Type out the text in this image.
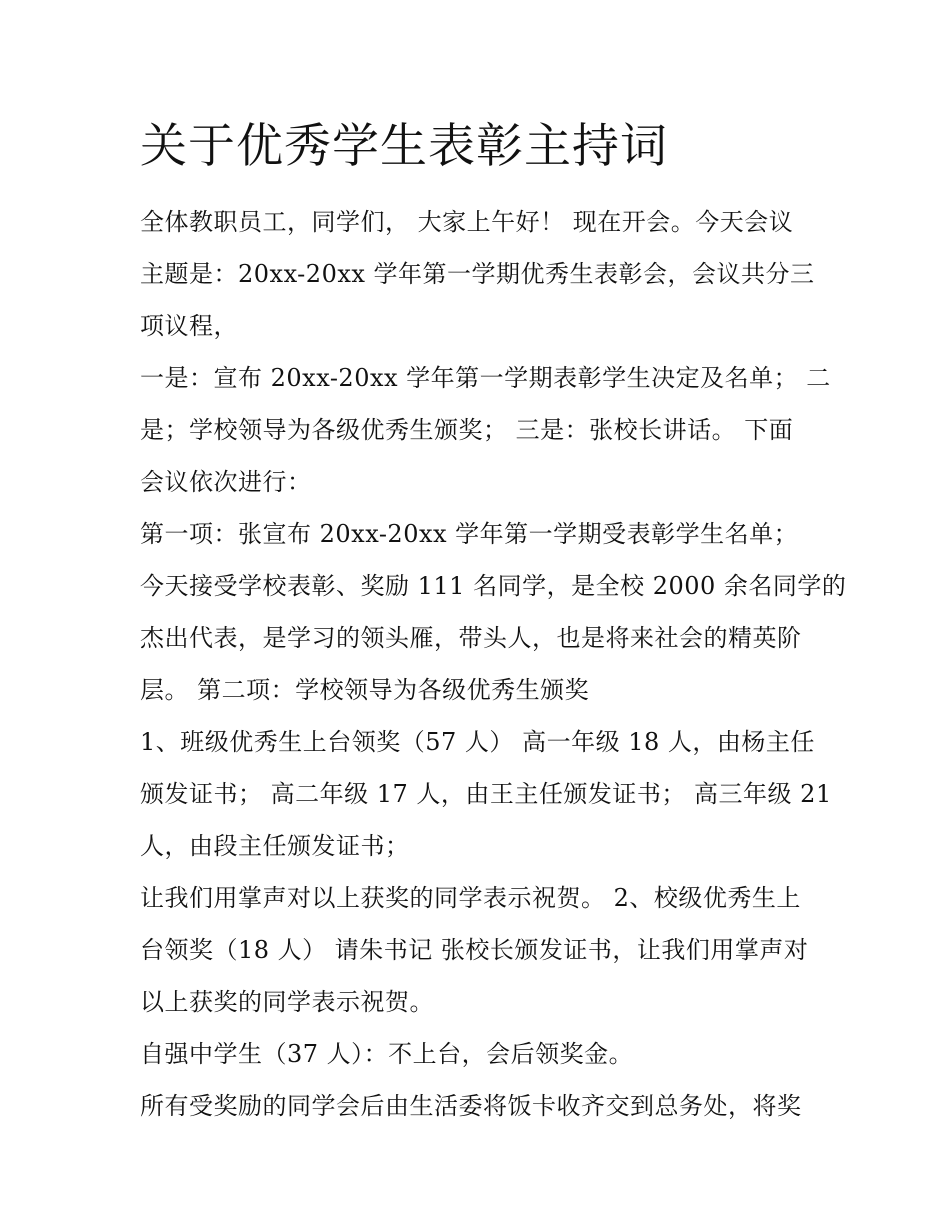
关于优秀学生表彰主持词

全体教职员工，同学们， 大家上午好！ 现在开会。今天会议

主题是：20xx-20xx 学年第一学期优秀生表彰会，会议共分三

项议程，

一是：宣布 20xx-20xx 学年第一学期表彰学生决定及名单； 二

是；学校领导为各级优秀生颁奖； 三是：张校长讲话。 下面

会议依次进行：

第一项：张宣布 20xx-20xx 学年第一学期受表彰学生名单；

今天接受学校表彰、奖励 111 名同学，是全校 2000 余名同学的

杰出代表，是学习的领头雁，带头人，也是将来社会的精英阶

层。 第二项：学校领导为各级优秀生颁奖

1、班级优秀生上台领奖（57 人） 高一年级 18 人，由杨主任

颁发证书； 高二年级 17 人，由王主任颁发证书； 高三年级 21

人，由段主任颁发证书；

让我们用掌声对以上获奖的同学表示祝贺。 2、校级优秀生上

台领奖（18 人） 请朱书记 张校长颁发证书，让我们用掌声对

以上获奖的同学表示祝贺。

自强中学生（37 人）：不上台，会后领奖金。

所有受奖励的同学会后由生活委将饭卡收齐交到总务处，将奖
